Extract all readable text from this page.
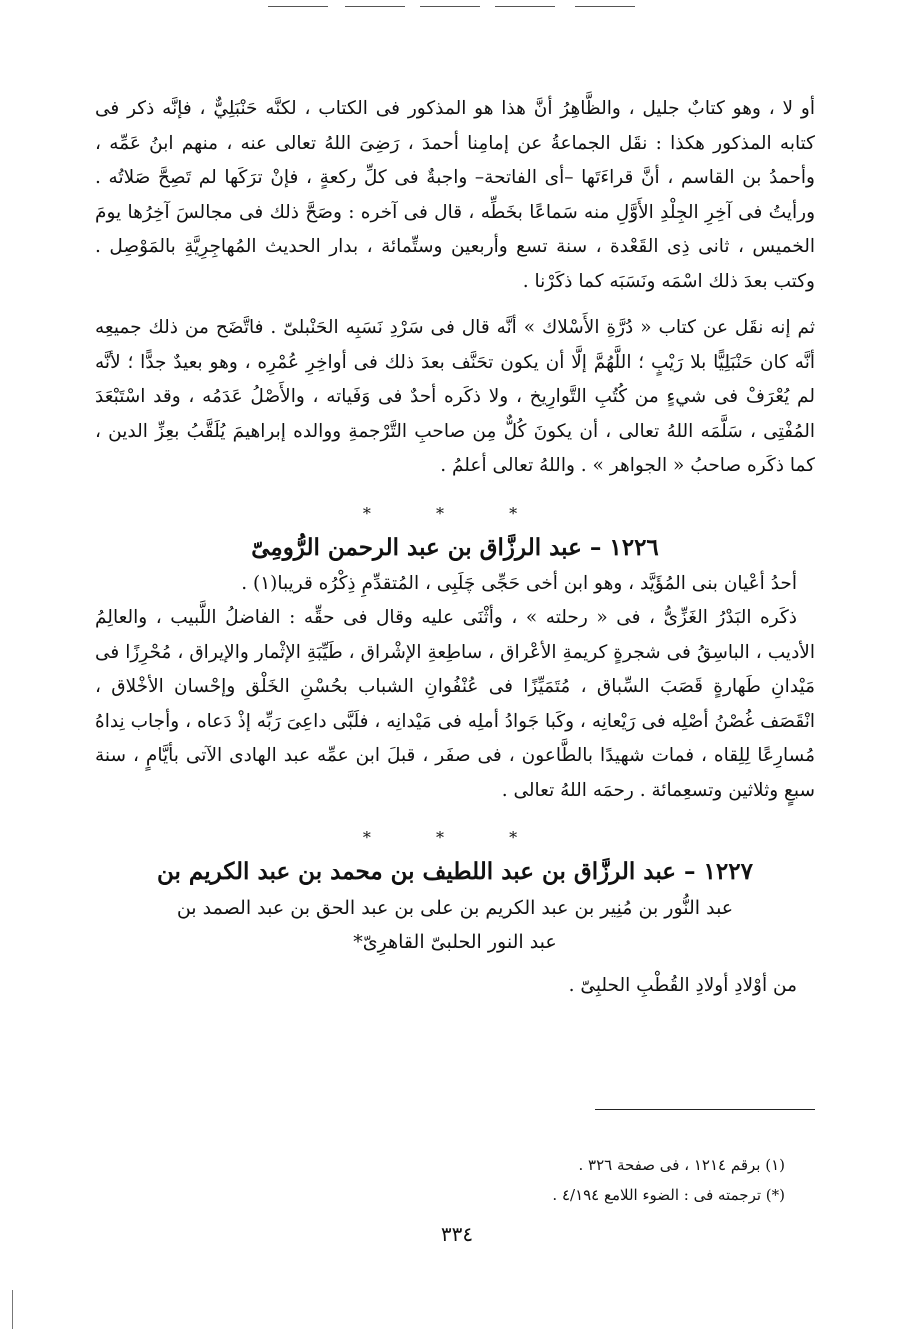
أو لا ، وهو كتابٌ جليل ، والظَّاهِرُ أنَّ هذا هو المذكور فى الكتاب ، لكنَّه حَنْبَلِيٌّ ، فإنَّه ذكر فى كتابه المذكور هكذا : نقَل الجماعةُ عن إمامِنا أحمدَ ، رَضِىَ اللهُ تعالى عنه ، منهم ابنُ عَمِّه ، وأحمدُ بن القاسم ، أنَّ قراءَتَها –أى الفاتحة– واجبةٌ فى كلِّ ركعةٍ ، فإنْ ترَكَها لم تَصِحَّ صَلاتُه . ورأيتُ فى آخِرِ الجِلْدِ الأَوَّلِ منه سَماعًا بخَطِّه ، قال فى آخره : وصَحَّ ذلك فى مجالسَ آخِرُها يومَ الخميس ، ثانى ذِى القَعْدة ، سنة تسع وأربعين وستِّمائة ، بدار الحديث المُهاجِرِيَّةِ بالمَوْصِل . وكتب بعدَ ذلك اسْمَه ونَسَبَه كما ذكَرْنا .

ثم إنه نقَل عن كتاب « دُرَّةِ الأَسْلاك » أنَّه قال فى سَرْدِ نَسَبِه الحَنْبلىّ . فاتَّضَح من ذلك جميعِه أنَّه كان حَنْبَلِيًّا بلا رَيْبٍ ؛ اللَّهُمَّ إلَّا أن يكون تحَنَّف بعدَ ذلك فى أواخِرِ عُمْرِه ، وهو بعيدٌ جدًّا ؛ لأنَّه لم يُعْرَفْ فى شيءٍ من كُتُبِ التَّوارِيخ ، ولا ذكَره أحدٌ فى وَفَياته ، والأَصْلُ عَدَمُه ، وقد اسْتَبْعَدَ المُفْتِى ، سَلَّمَه اللهُ تعالى ، أن يكونَ كُلٌّ مِن صاحبِ التَّرْجمةِ ووالده إبراهيمَ يُلَقَّبُ بعِزِّ الدين ، كما ذكَره صاحبُ « الجواهر » . واللهُ تعالى أعلمُ .

* * *
١٢٢٦ – عبد الرزَّاق بن عبد الرحمن الرُّومِىّ

أحدُ أعْيان بنى المُؤَيَّد ، وهو ابن أخى حَجِّى چَلَبِى ، المُتقدِّمِ ذِكْرُه قريبا(١) .

ذكَره البَدْرُ الغَزِّىُّ ، فى « رحلته » ، وأثْنَى عليه وقال فى حقِّه : الفاضلُ اللَّبيب ، والعالِمُ الأديب ، الباسِقُ فى شجرةٍ كريمةِ الأعْراق ، ساطِعةِ الإشْراق ، طَيِّبَةِ الإثْمار والإيراق ، مُحْرِزًا فى مَيْدانِ طَهارةٍ قَصَبَ السِّباق ، مُتَمَيِّزًا فى عُنْفُوانِ الشباب بحُسْنِ الخَلْق وإحْسان الأخْلاق ، انْقَصَف غُصْنُ أصْلِه فى رَيْعانِه ، وكَبا جَوادُ أملِه فى مَيْدانِه ، فلَبَّى داعِىَ رَبِّه إذْ دَعاه ، وأجاب نِداهُ مُسارِعًا لِلِقاه ، فمات شهيدًا بالطَّاعون ، فى صفَر ، قبلَ ابن عمِّه عبد الهادى الآتى بأيَّامٍ ، سنة سبعٍ وثلاثين وتسعِمائة . رحمَه اللهُ تعالى .

* * *
١٢٢٧ – عبد الرزَّاق بن عبد اللطيف بن محمد بن عبد الكريم بن

عبد النُّور بن مُنِير بن عبد الكريم بن على بن عبد الحق بن عبد الصمد بن

عبد النور الحلبىّ القاهرِىّ*

من أوْلادِ أولادِ القُطْبِ الحلبِىّ .

(١) برقم ١٢١٤ ، فى صفحة ٣٢٦ .
(*) ترجمته فى : الضوء اللامع ٤/١٩٤ .
٣٣٤
